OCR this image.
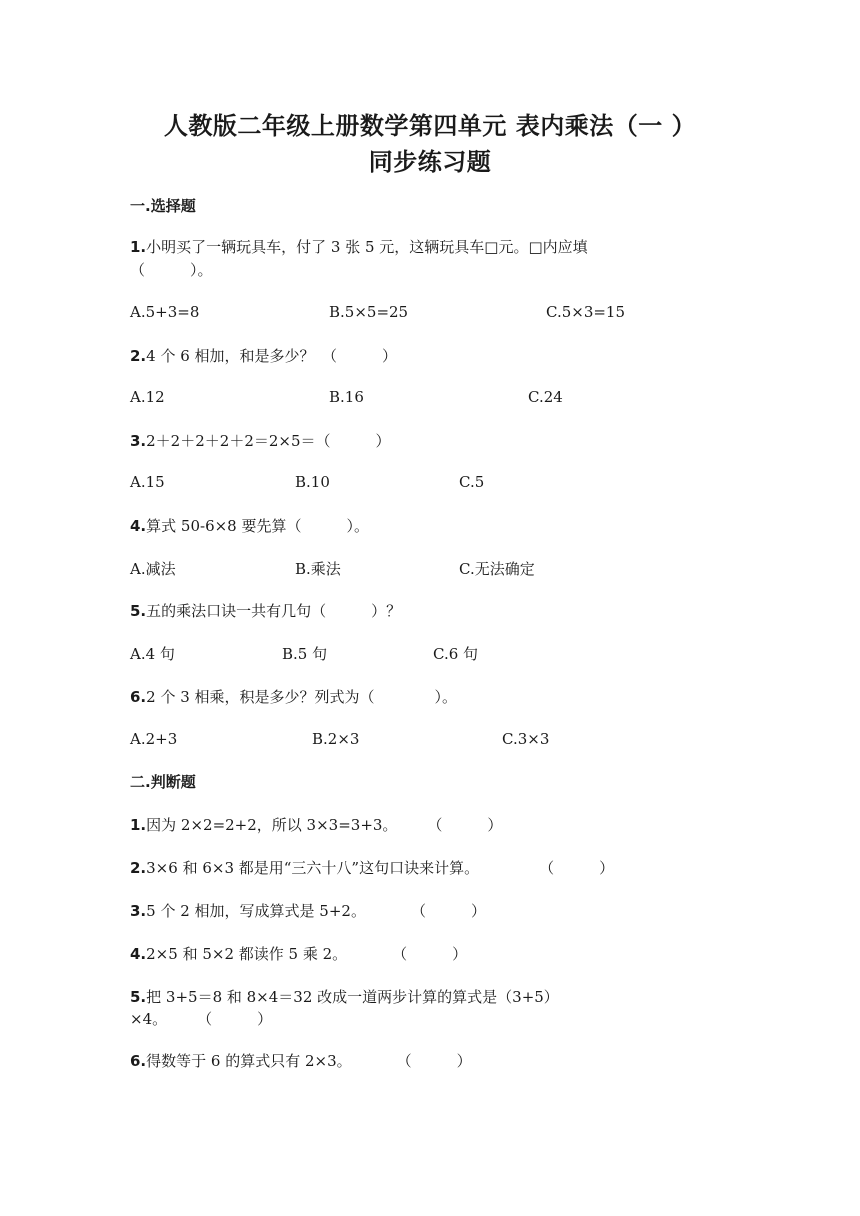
人教版二年级上册数学第四单元 表内乘法（一 ）
同步练习题
一.选择题
1.小明买了一辆玩具车，付了 3 张 5 元，这辆玩具车□元。□内应填
（　　　）。
A.5+3=8	B.5×5=25	C.5×3=15
2.4 个 6 相加，和是多少？　（　　　）
A.12	B.16	C.24
3.2＋2＋2＋2＋2＝2×5＝（　　　）
A.15	B.10	C.5
4.算式 50-6×8 要先算（　　　）。
A.减法	B.乘法	C.无法确定
5.五的乘法口诀一共有几句（　　　）？
A.4 句	B.5 句	C.6 句
6.2 个 3 相乘，积是多少？列式为（　　　　）。
A.2+3	B.2×3	C.3×3
二.判断题
1.因为 2×2=2+2，所以 3×3=3+3。　　　（　　　）
2.3×6 和 6×3 都是用“三六十八”这句口诀来计算。　　　　　（　　　）
3.5 个 2 相加，写成算式是 5+2。　　　　（　　　）
4.2×5 和 5×2 都读作 5 乘 2。　　　　（　　　）
5.把 3+5＝8 和 8×4＝32 改成一道两步计算的算式是（3+5）
×4。　　　（　　　）
6.得数等于 6 的算式只有 2×3。　　　　（　　　）
